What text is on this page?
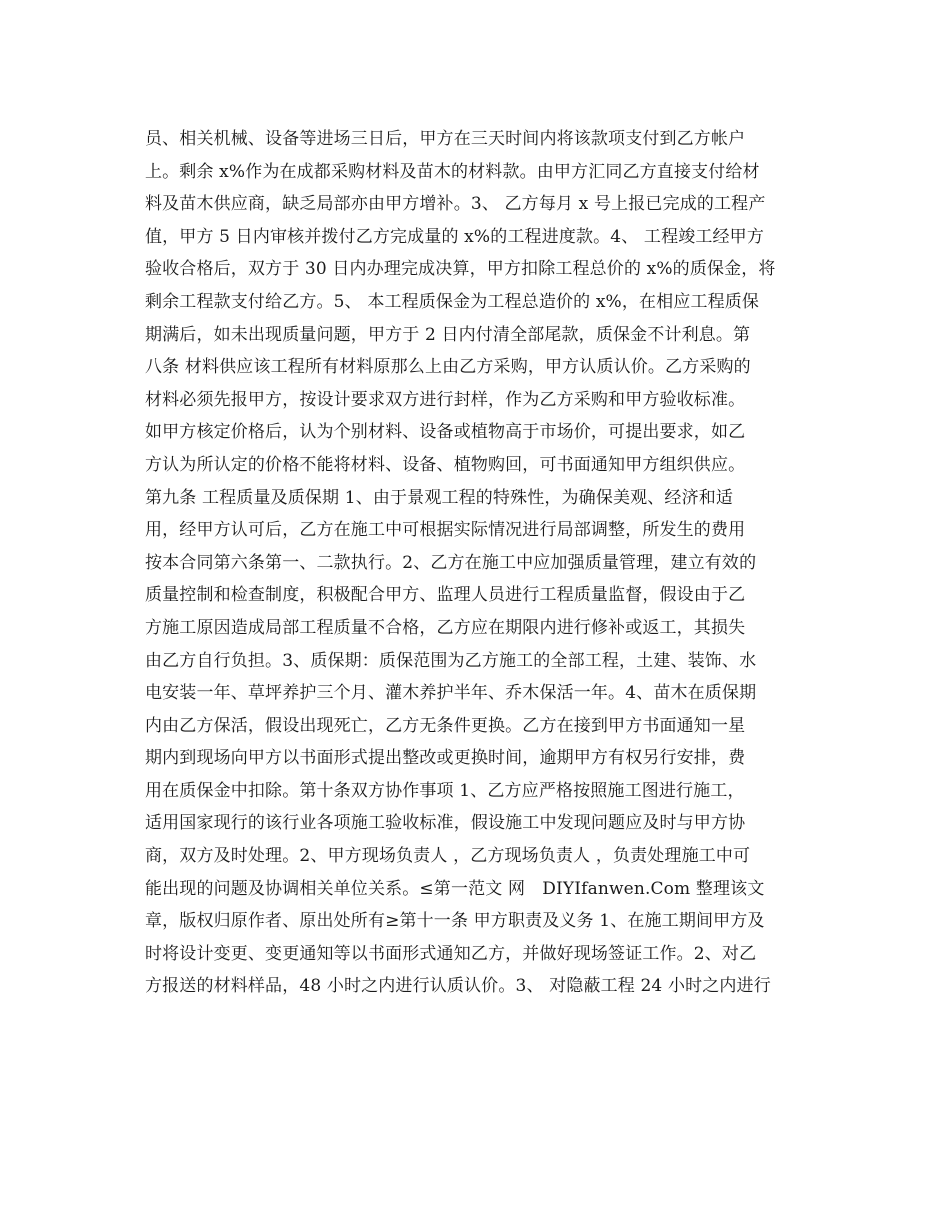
员、相关机械、设备等进场三日后，甲方在三天时间内将该款项支付到乙方帐户
上。剩余 x%作为在成都采购材料及苗木的材料款。由甲方汇同乙方直接支付给材
料及苗木供应商，缺乏局部亦由甲方增补。3、 乙方每月 x 号上报已完成的工程产
值，甲方 5 日内审核并拨付乙方完成量的 x%的工程进度款。4、 工程竣工经甲方
验收合格后，双方于 30 日内办理完成决算，甲方扣除工程总价的 x%的质保金，将
剩余工程款支付给乙方。5、 本工程质保金为工程总造价的 x%，在相应工程质保
期满后，如未出现质量问题，甲方于 2 日内付清全部尾款，质保金不计利息。第
八条 材料供应该工程所有材料原那么上由乙方采购，甲方认质认价。乙方采购的
材料必须先报甲方，按设计要求双方进行封样，作为乙方采购和甲方验收标准。
如甲方核定价格后，认为个别材料、设备或植物高于市场价，可提出要求，如乙
方认为所认定的价格不能将材料、设备、植物购回，可书面通知甲方组织供应。
第九条 工程质量及质保期 1、由于景观工程的特殊性，为确保美观、经济和适
用，经甲方认可后，乙方在施工中可根据实际情况进行局部调整，所发生的费用
按本合同第六条第一、二款执行。2、乙方在施工中应加强质量管理，建立有效的
质量控制和检查制度，积极配合甲方、监理人员进行工程质量监督，假设由于乙
方施工原因造成局部工程质量不合格，乙方应在期限内进行修补或返工，其损失
由乙方自行负担。3、质保期：质保范围为乙方施工的全部工程，土建、装饰、水
电安装一年、草坪养护三个月、灌木养护半年、乔木保活一年。4、苗木在质保期
内由乙方保活，假设出现死亡，乙方无条件更换。乙方在接到甲方书面通知一星
期内到现场向甲方以书面形式提出整改或更换时间，逾期甲方有权另行安排，费
用在质保金中扣除。第十条双方协作事项 1、乙方应严格按照施工图进行施工，
适用国家现行的该行业各项施工验收标准，假设施工中发现问题应及时与甲方协
商，双方及时处理。2、甲方现场负责人 ，乙方现场负责人 ，负责处理施工中可
能出现的问题及协调相关单位关系。≤第一范文 网　DIYIfanwen.Com 整理该文
章，版权归原作者、原出处所有≥第十一条 甲方职责及义务 1、在施工期间甲方及
时将设计变更、变更通知等以书面形式通知乙方，并做好现场签证工作。2、对乙
方报送的材料样品，48 小时之内进行认质认价。3、 对隐蔽工程 24 小时之内进行
